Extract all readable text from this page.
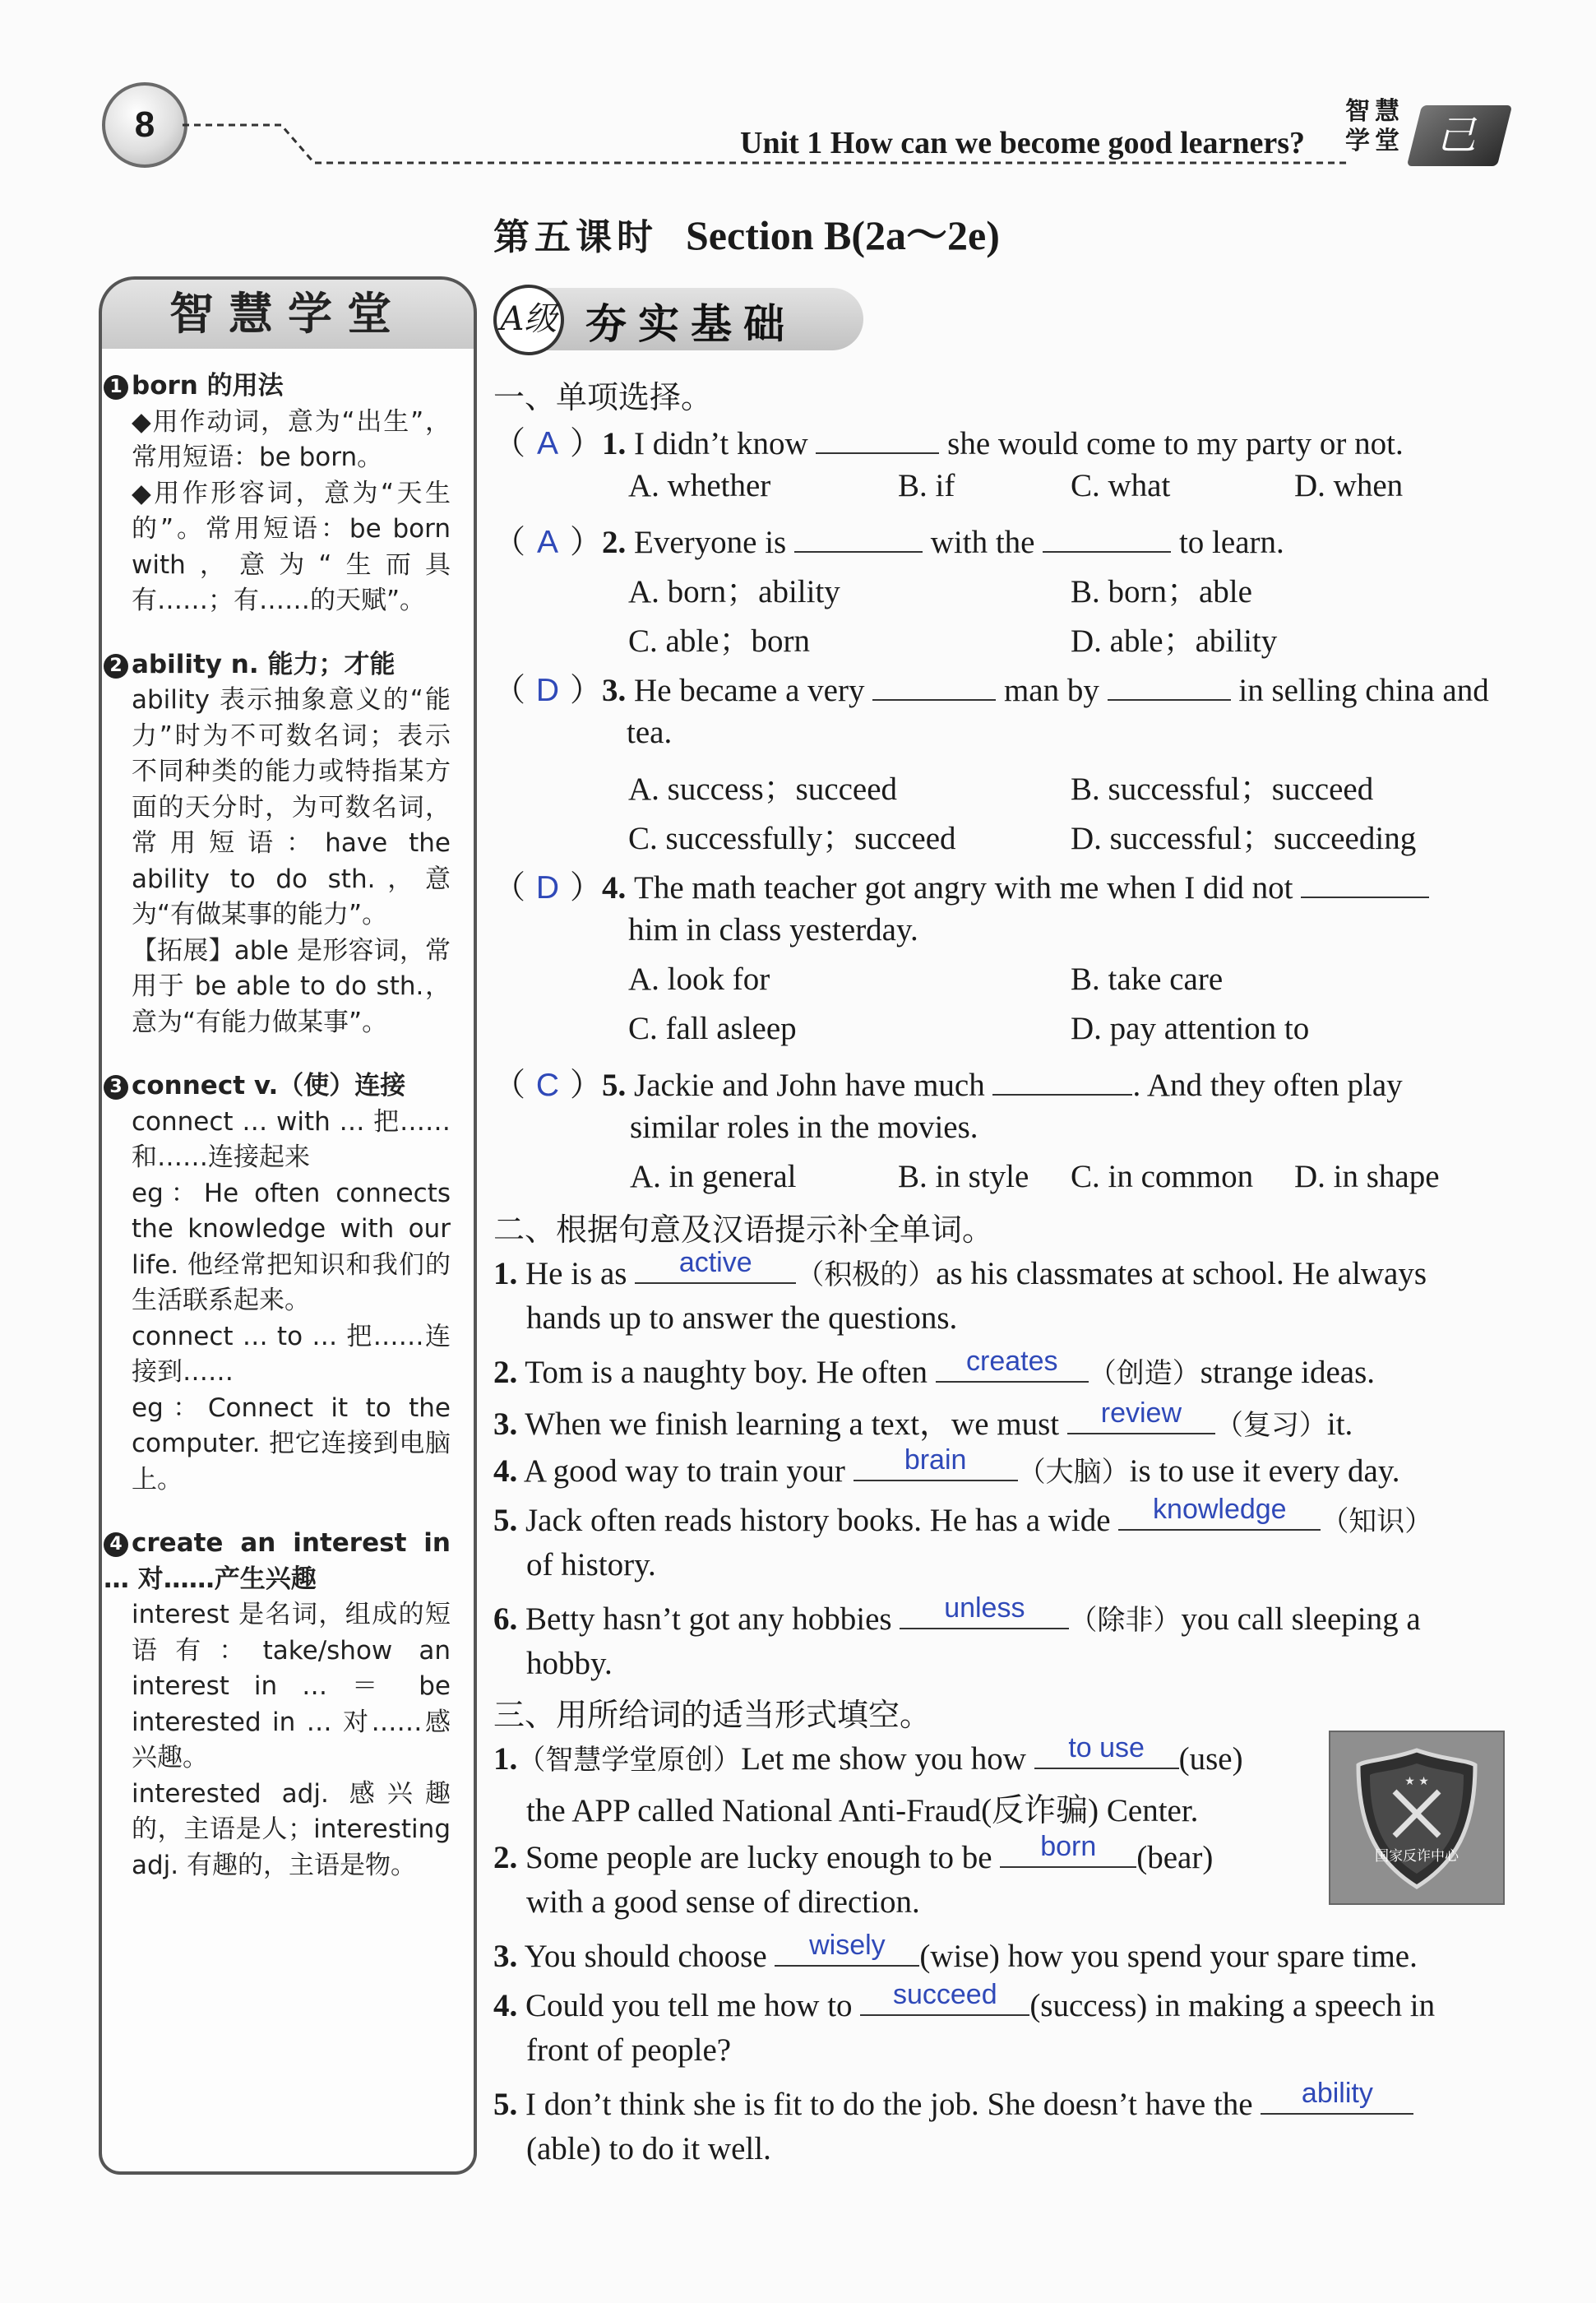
8	Unit 1 How can we become good learners?
智慧学堂 己
第五课时 Section B(2a～2e)
智慧学堂

1 born 的用法

◆用作动词，意为“出生”，常用短语：be born。

◆用作形容词，意为“天生的”。常用短语：be born with，意为“生而具有……；有……的天赋”。

2 ability n. 能力；才能

ability 表示抽象意义的“能力”时为不可数名词；表示不同种类的能力或特指某方面的天分时，为可数名词，常用短语：have the ability to do sth.，意为“有做某事的能力”。

【拓展】able 是形容词，常用于 be able to do sth.，意为“有能力做某事”。

3 connect v.（使）连接

connect … with … 把……和……连接起来

eg：He often connects the knowledge with our life. 他经常把知识和我们的生活联系起来。

connect … to … 把……连接到……

eg：Connect it to the computer. 把它连接到电脑上。

4 create an interest in … 对……产生兴趣

interest 是名词，组成的短语有：take/show an interest in … ＝ be interested in … 对……感兴趣。

interested adj. 感兴趣的，主语是人；interesting adj. 有趣的，主语是物。

A级 夯实基础
一、单项选择。
（ A ）1. I didn’t know	she would come to my party or not.
A. whether	B. if	C. what	D. when
（ A ）2. Everyone is	with the	to learn.
A. born；ability	B. born；able
C. able；born	D. able；ability
（ D ）3. He became a very	man by	in selling china and
tea.
A. success；succeed	B. successful；succeed
C. successfully；succeed	D. successful；succeeding
（ D ）4. The math teacher got angry with me when I did not
him in class yesterday.
A. look for	B. take care
C. fall asleep	D. pay attention to
（ C ）5. Jackie and John have much	. And they often play
similar roles in the movies.
A. in general	B. in style C. in common D. in shape
二、根据句意及汉语提示补全单词。
1. He is as	active	（积极的）as his classmates at school. He always
hands up to answer the questions.
2. Tom is a naughty boy. He often	creates	（创造）strange ideas.
3. When we finish learning a text，we must	review	（复习）it.
4. A good way to train your	brain	（大脑）is to use it every day.
5. Jack often reads history books. He has a wide	knowledge	（知识）
of history.
6. Betty hasn’t got any hobbies	unless	（除非）you call sleeping a
hobby.
三、用所给词的适当形式填空。
1.（智慧学堂原创）Let me show you how	to use	(use)
the APP called National Anti-Fraud(反诈骗) Center.
2. Some people are lucky enough to be	born	(bear)
with a good sense of direction.
3. You should choose	wisely	(wise) how you spend your spare time.
4. Could you tell me how to	succeed	(success) in making a speech in
front of people?
5. I don’t think she is fit to do the job. She doesn’t have the	ability
(able) to do it well.
★ ★
国家反诈中心
